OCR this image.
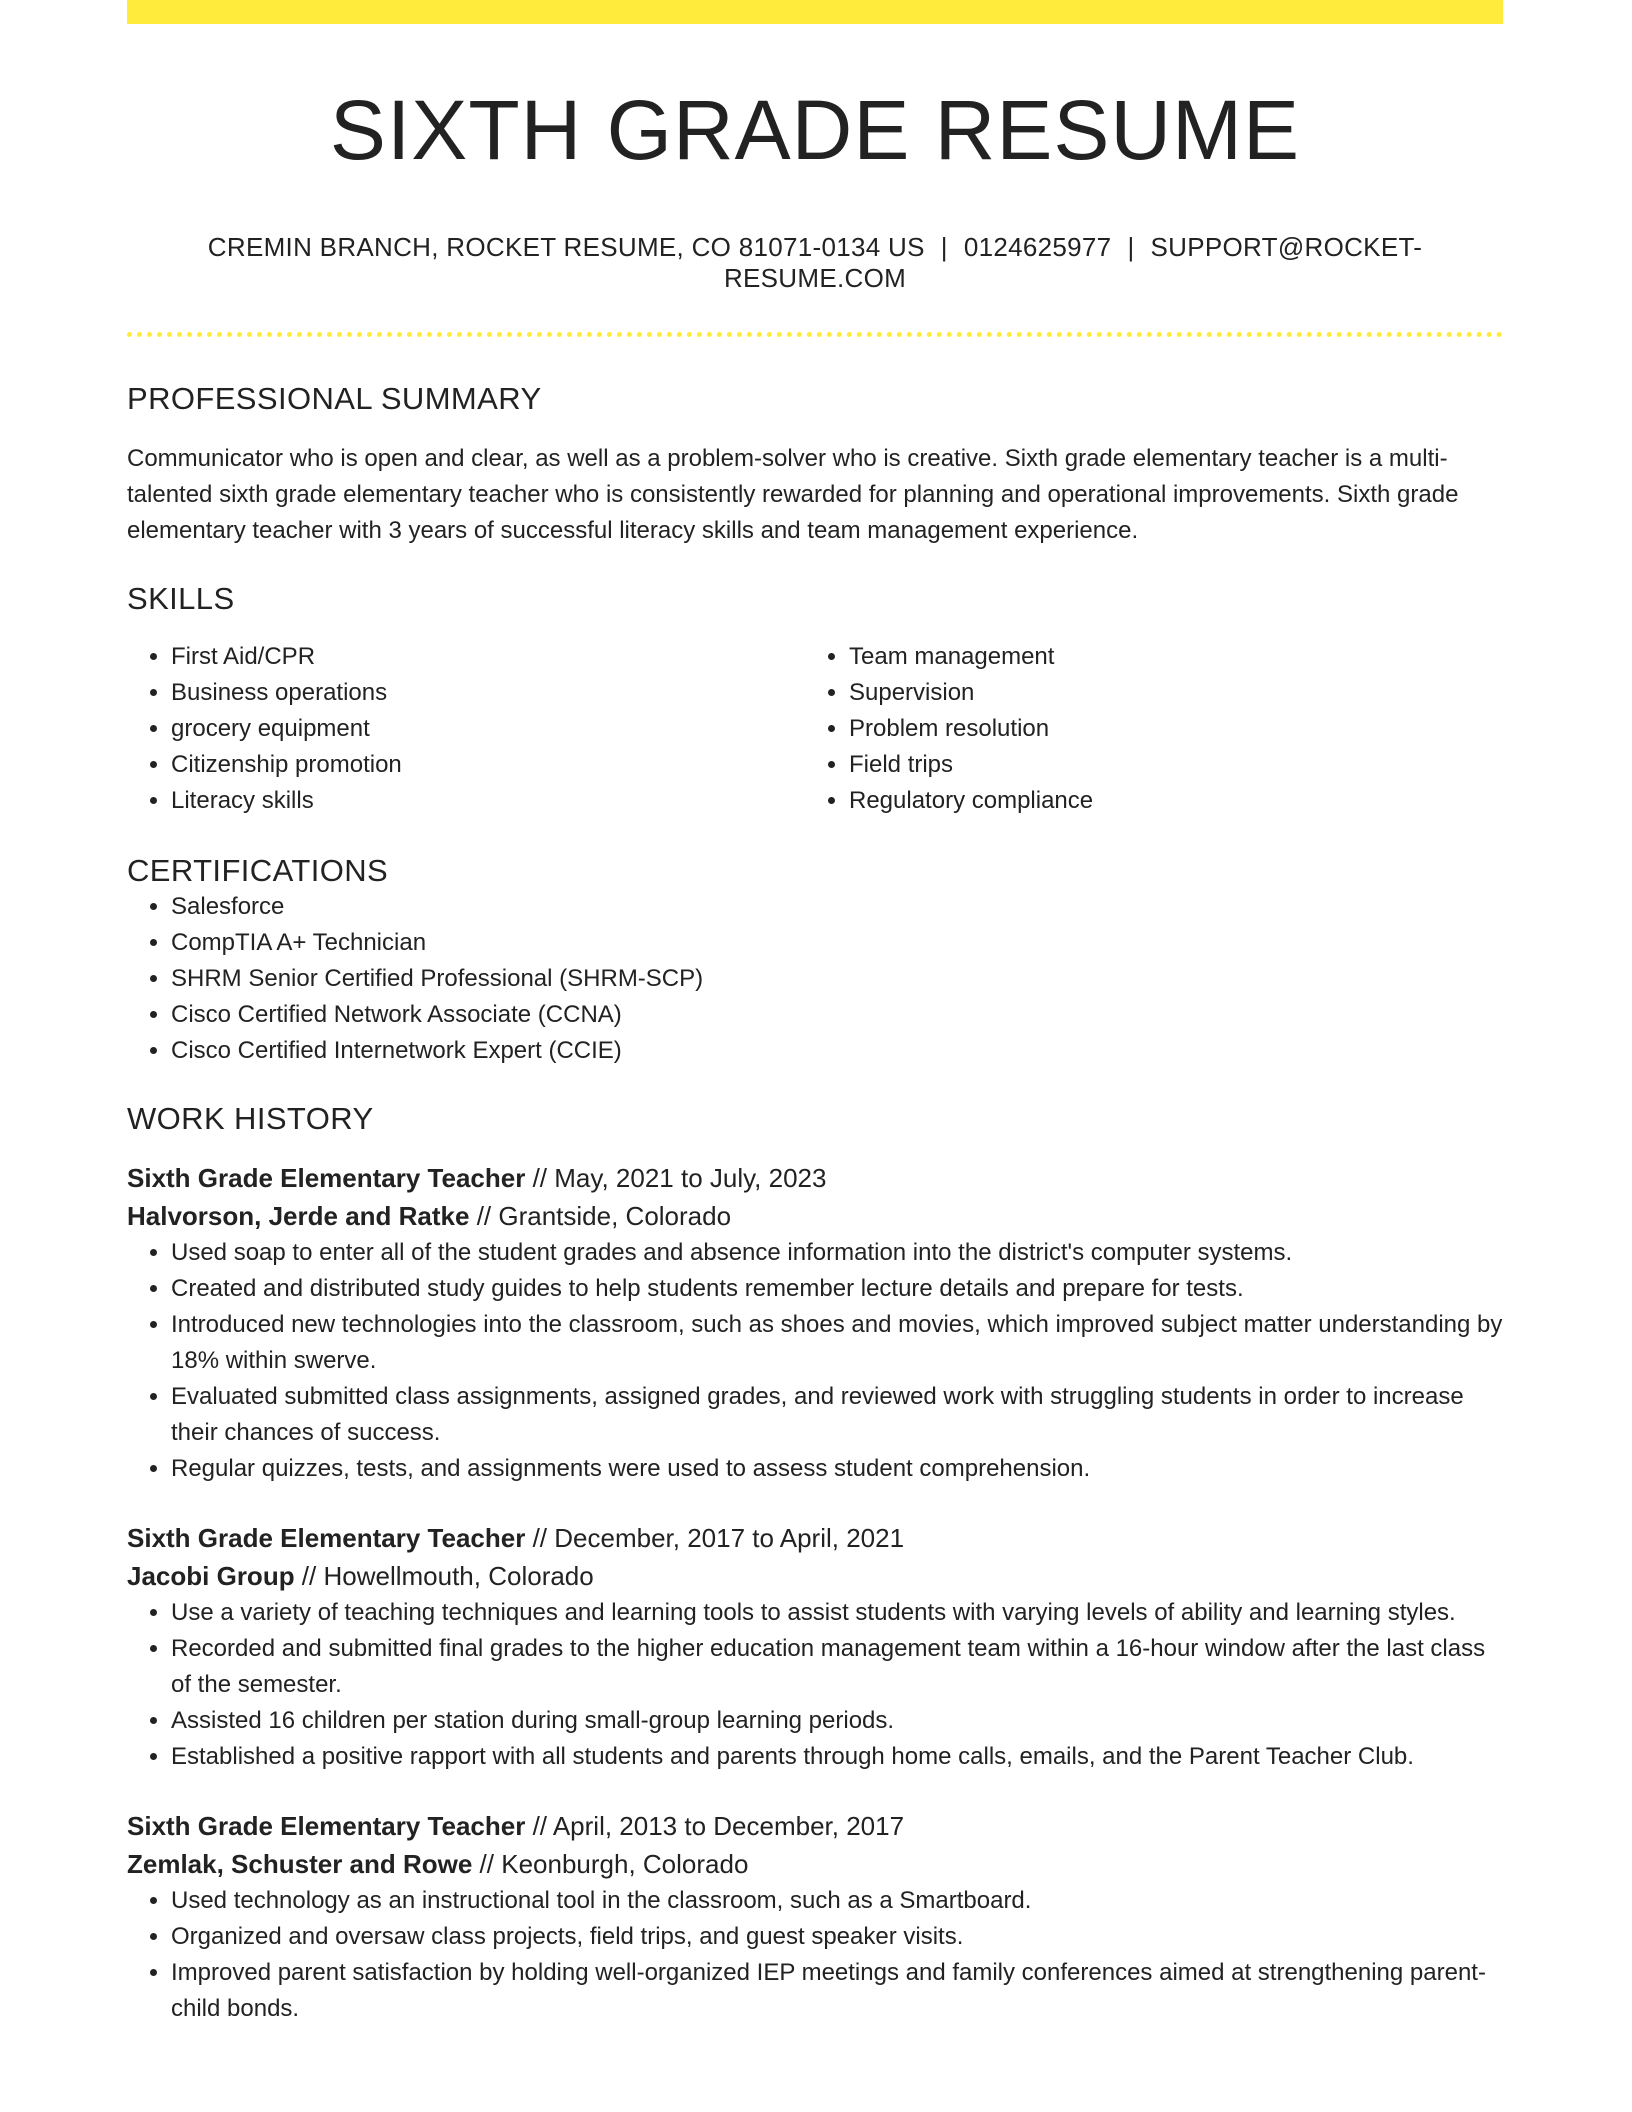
SIXTH GRADE RESUME
CREMIN BRANCH, ROCKET RESUME, CO 81071-0134 US | 0124625977 | SUPPORT@ROCKET-RESUME.COM
PROFESSIONAL SUMMARY
Communicator who is open and clear, as well as a problem-solver who is creative. Sixth grade elementary teacher is a multi-talented sixth grade elementary teacher who is consistently rewarded for planning and operational improvements. Sixth grade elementary teacher with 3 years of successful literacy skills and team management experience.
SKILLS
• First Aid/CPR
• Business operations
• grocery equipment
• Citizenship promotion
• Literacy skills
• Team management
• Supervision
• Problem resolution
• Field trips
• Regulatory compliance
CERTIFICATIONS
• Salesforce
• CompTIA A+ Technician
• SHRM Senior Certified Professional (SHRM-SCP)
• Cisco Certified Network Associate (CCNA)
• Cisco Certified Internetwork Expert (CCIE)
WORK HISTORY
Sixth Grade Elementary Teacher // May, 2021 to July, 2023
Halvorson, Jerde and Ratke // Grantside, Colorado
• Used soap to enter all of the student grades and absence information into the district's computer systems.
• Created and distributed study guides to help students remember lecture details and prepare for tests.
• Introduced new technologies into the classroom, such as shoes and movies, which improved subject matter understanding by 18% within swerve.
• Evaluated submitted class assignments, assigned grades, and reviewed work with struggling students in order to increase their chances of success.
• Regular quizzes, tests, and assignments were used to assess student comprehension.
Sixth Grade Elementary Teacher // December, 2017 to April, 2021
Jacobi Group // Howellmouth, Colorado
• Use a variety of teaching techniques and learning tools to assist students with varying levels of ability and learning styles.
• Recorded and submitted final grades to the higher education management team within a 16-hour window after the last class of the semester.
• Assisted 16 children per station during small-group learning periods.
• Established a positive rapport with all students and parents through home calls, emails, and the Parent Teacher Club.
Sixth Grade Elementary Teacher // April, 2013 to December, 2017
Zemlak, Schuster and Rowe // Keonburgh, Colorado
• Used technology as an instructional tool in the classroom, such as a Smartboard.
• Organized and oversaw class projects, field trips, and guest speaker visits.
• Improved parent satisfaction by holding well-organized IEP meetings and family conferences aimed at strengthening parent-child bonds.
